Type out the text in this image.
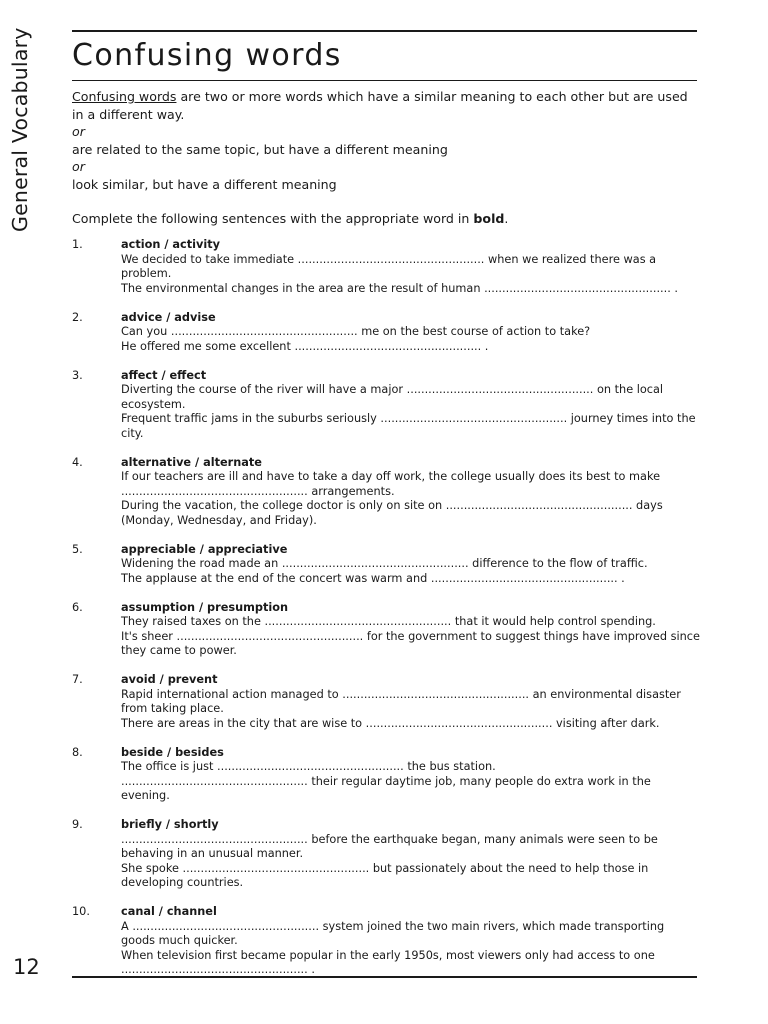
General Vocabulary
12
Confusing words

Confusing words are two or more words which have a similar meaning to each other but are used in a different way.

or

are related to the same topic, but have a different meaning

or

look similar, but have a different meaning

Complete the following sentences with the appropriate word in bold.

1.	action / activity
We decided to take immediate .................................................... when we realized there was a problem.
The environmental changes in the area are the result of human .................................................... .
2.	advice / advise
Can you .................................................... me on the best course of action to take?
He offered me some excellent .................................................... .
3.	affect / effect
Diverting the course of the river will have a major .................................................... on the local ecosystem.
Frequent traffic jams in the suburbs seriously .................................................... journey times into the city.
4.	alternative / alternate
If our teachers are ill and have to take a day off work, the college usually does its best to make .................................................... arrangements.
During the vacation, the college doctor is only on site on .................................................... days (Monday, Wednesday, and Friday).
5.	appreciable / appreciative
Widening the road made an .................................................... difference to the flow of traffic.
The applause at the end of the concert was warm and .................................................... .
6.	assumption / presumption
They raised taxes on the .................................................... that it would help control spending.
It's sheer .................................................... for the government to suggest things have improved since they came to power.
7.	avoid / prevent
Rapid international action managed to .................................................... an environmental disaster from taking place.
There are areas in the city that are wise to .................................................... visiting after dark.
8.	beside / besides
The office is just .................................................... the bus station.
.................................................... their regular daytime job, many people do extra work in the evening.
9.	briefly / shortly
.................................................... before the earthquake began, many animals were seen to be behaving in an unusual manner.
She spoke .................................................... but passionately about the need to help those in developing countries.
10.	canal / channel
A .................................................... system joined the two main rivers, which made transporting goods much quicker.
When television first became popular in the early 1950s, most viewers only had access to one .................................................... .
